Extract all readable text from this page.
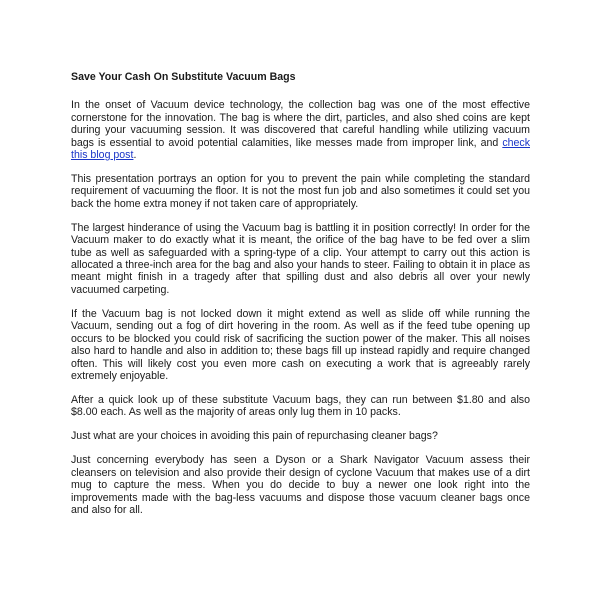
Save Your Cash On Substitute Vacuum Bags

In the onset of Vacuum device technology, the collection bag was one of the most effective cornerstone for the innovation. The bag is where the dirt, particles, and also shed coins are kept during your vacuuming session. It was discovered that careful handling while utilizing vacuum bags is essential to avoid potential calamities, like messes made from improper link, and check this blog post.

This presentation portrays an option for you to prevent the pain while completing the standard requirement of vacuuming the floor. It is not the most fun job and also sometimes it could set you back the home extra money if not taken care of appropriately.

The largest hinderance of using the Vacuum bag is battling it in position correctly! In order for the Vacuum maker to do exactly what it is meant, the orifice of the bag have to be fed over a slim tube as well as safeguarded with a spring-type of a clip. Your attempt to carry out this action is allocated a three-inch area for the bag and also your hands to steer. Failing to obtain it in place as meant might finish in a tragedy after that spilling dust and also debris all over your newly vacuumed carpeting.

If the Vacuum bag is not locked down it might extend as well as slide off while running the Vacuum, sending out a fog of dirt hovering in the room. As well as if the feed tube opening up occurs to be blocked you could risk of sacrificing the suction power of the maker. This all noises also hard to handle and also in addition to; these bags fill up instead rapidly and require changed often. This will likely cost you even more cash on executing a work that is agreeably rarely extremely enjoyable.

After a quick look up of these substitute Vacuum bags, they can run between $1.80 and also $8.00 each. As well as the majority of areas only lug them in 10 packs.

Just what are your choices in avoiding this pain of repurchasing cleaner bags?

Just concerning everybody has seen a Dyson or a Shark Navigator Vacuum assess their cleansers on television and also provide their design of cyclone Vacuum that makes use of a dirt mug to capture the mess. When you do decide to buy a newer one look right into the improvements made with the bag-less vacuums and dispose those vacuum cleaner bags once and also for all.
